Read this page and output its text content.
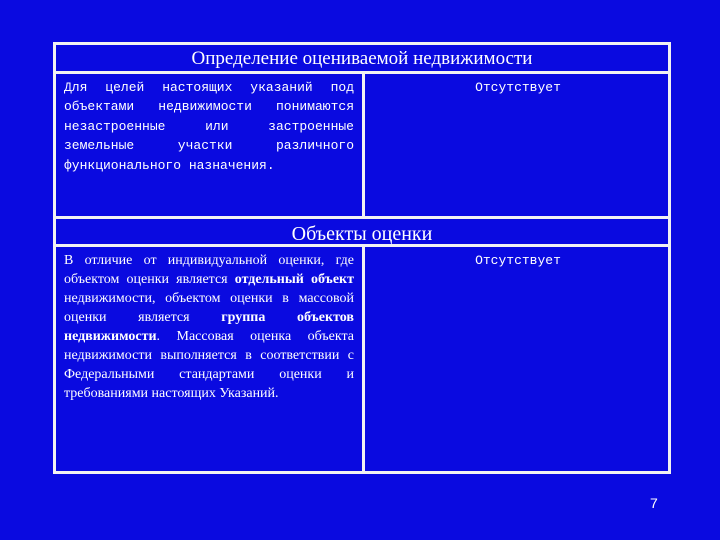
Определение оцениваемой недвижимости
Для целей настоящих указаний под объектами недвижимости понимаются незастроенные или застроенные земельные участки различного функционального назначения.
Отсутствует
Объекты оценки
В отличие от индивидуальной оценки, где объектом оценки является отдельный объект недвижимости, объектом оценки в массовой оценки является группа объектов недвижимости. Массовая оценка объекта недвижимости выполняется в соответствии с Федеральными стандартами оценки и требованиями настоящих Указаний.
Отсутствует
7
